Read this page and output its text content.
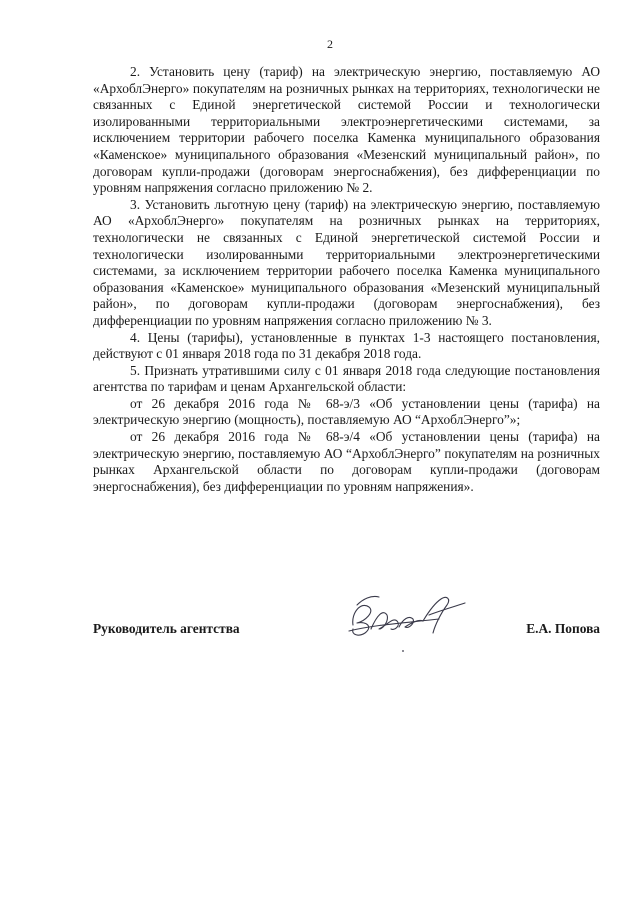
2

2. Установить цену (тариф) на электрическую энергию, поставляемую АО «АрхоблЭнерго» покупателям на розничных рынках на территориях, технологически не связанных с Единой энергетической системой России и технологически изолированными территориальными электроэнергетическими системами, за исключением территории рабочего поселка Каменка муниципального образования «Каменское» муниципального образования «Мезенский муниципальный район», по договорам купли-продажи (договорам энергоснабжения), без дифференциации по уровням напряжения согласно приложению № 2.

3. Установить льготную цену (тариф) на электрическую энергию, поставляемую АО «АрхоблЭнерго» покупателям на розничных рынках на территориях, технологически не связанных с Единой энергетической системой России и технологически изолированными территориальными электроэнергетическими системами, за исключением территории рабочего поселка Каменка муниципального образования «Каменское» муниципального образования «Мезенский муниципальный район», по договорам купли-продажи (договорам энергоснабжения), без дифференциации по уровням напряжения согласно приложению № 3.

4. Цены (тарифы), установленные в пунктах 1-3 настоящего постановления, действуют с 01 января 2018 года по 31 декабря 2018 года.

5. Признать утратившими силу с 01 января 2018 года следующие постановления агентства по тарифам и ценам Архангельской области:

от 26 декабря 2016 года № 68-э/3 «Об установлении цены (тарифа) на электрическую энергию (мощность), поставляемую АО “АрхоблЭнерго”»;

от 26 декабря 2016 года № 68-э/4 «Об установлении цены (тарифа) на электрическую энергию, поставляемую АО “АрхоблЭнерго” покупателям на розничных рынках Архангельской области по договорам купли-продажи (договорам энергоснабжения), без дифференциации по уровням напряжения».

Руководитель агентства	Е.А. Попова
